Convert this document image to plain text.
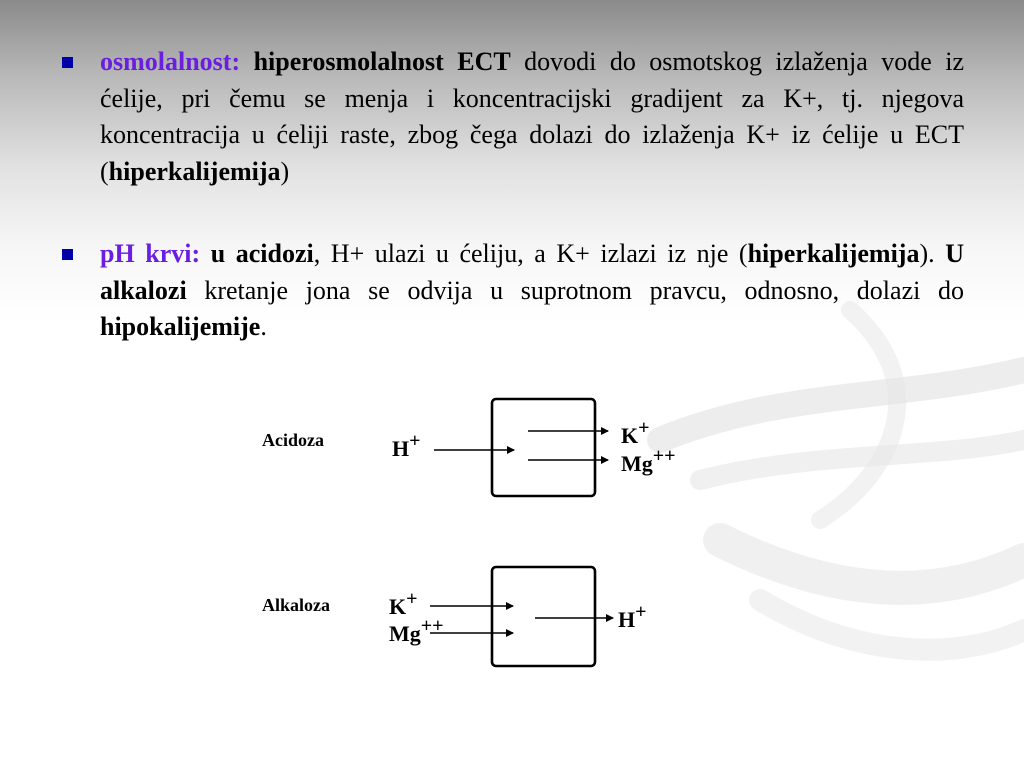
osmolalnost: hiperosmolalnost ECT dovodi do osmotskog izlaženja vode iz ćelije, pri čemu se menja i koncentracijski gradijent za K+, tj. njegova koncentracija u ćeliji raste, zbog čega dolazi do izlaženja K+ iz ćelije u ECT (hiperkalijemija)
pH krvi: u acidozi, H+ ulazi u ćeliju, a K+ izlazi iz nje (hiperkalijemija). U alkalozi kretanje jona se odvija u suprotnom pravcu, odnosno, dolazi do hipokalijemije.
Acidoza	H+	K+
Mg++
Alkaloza	K+
Mg++	H+
